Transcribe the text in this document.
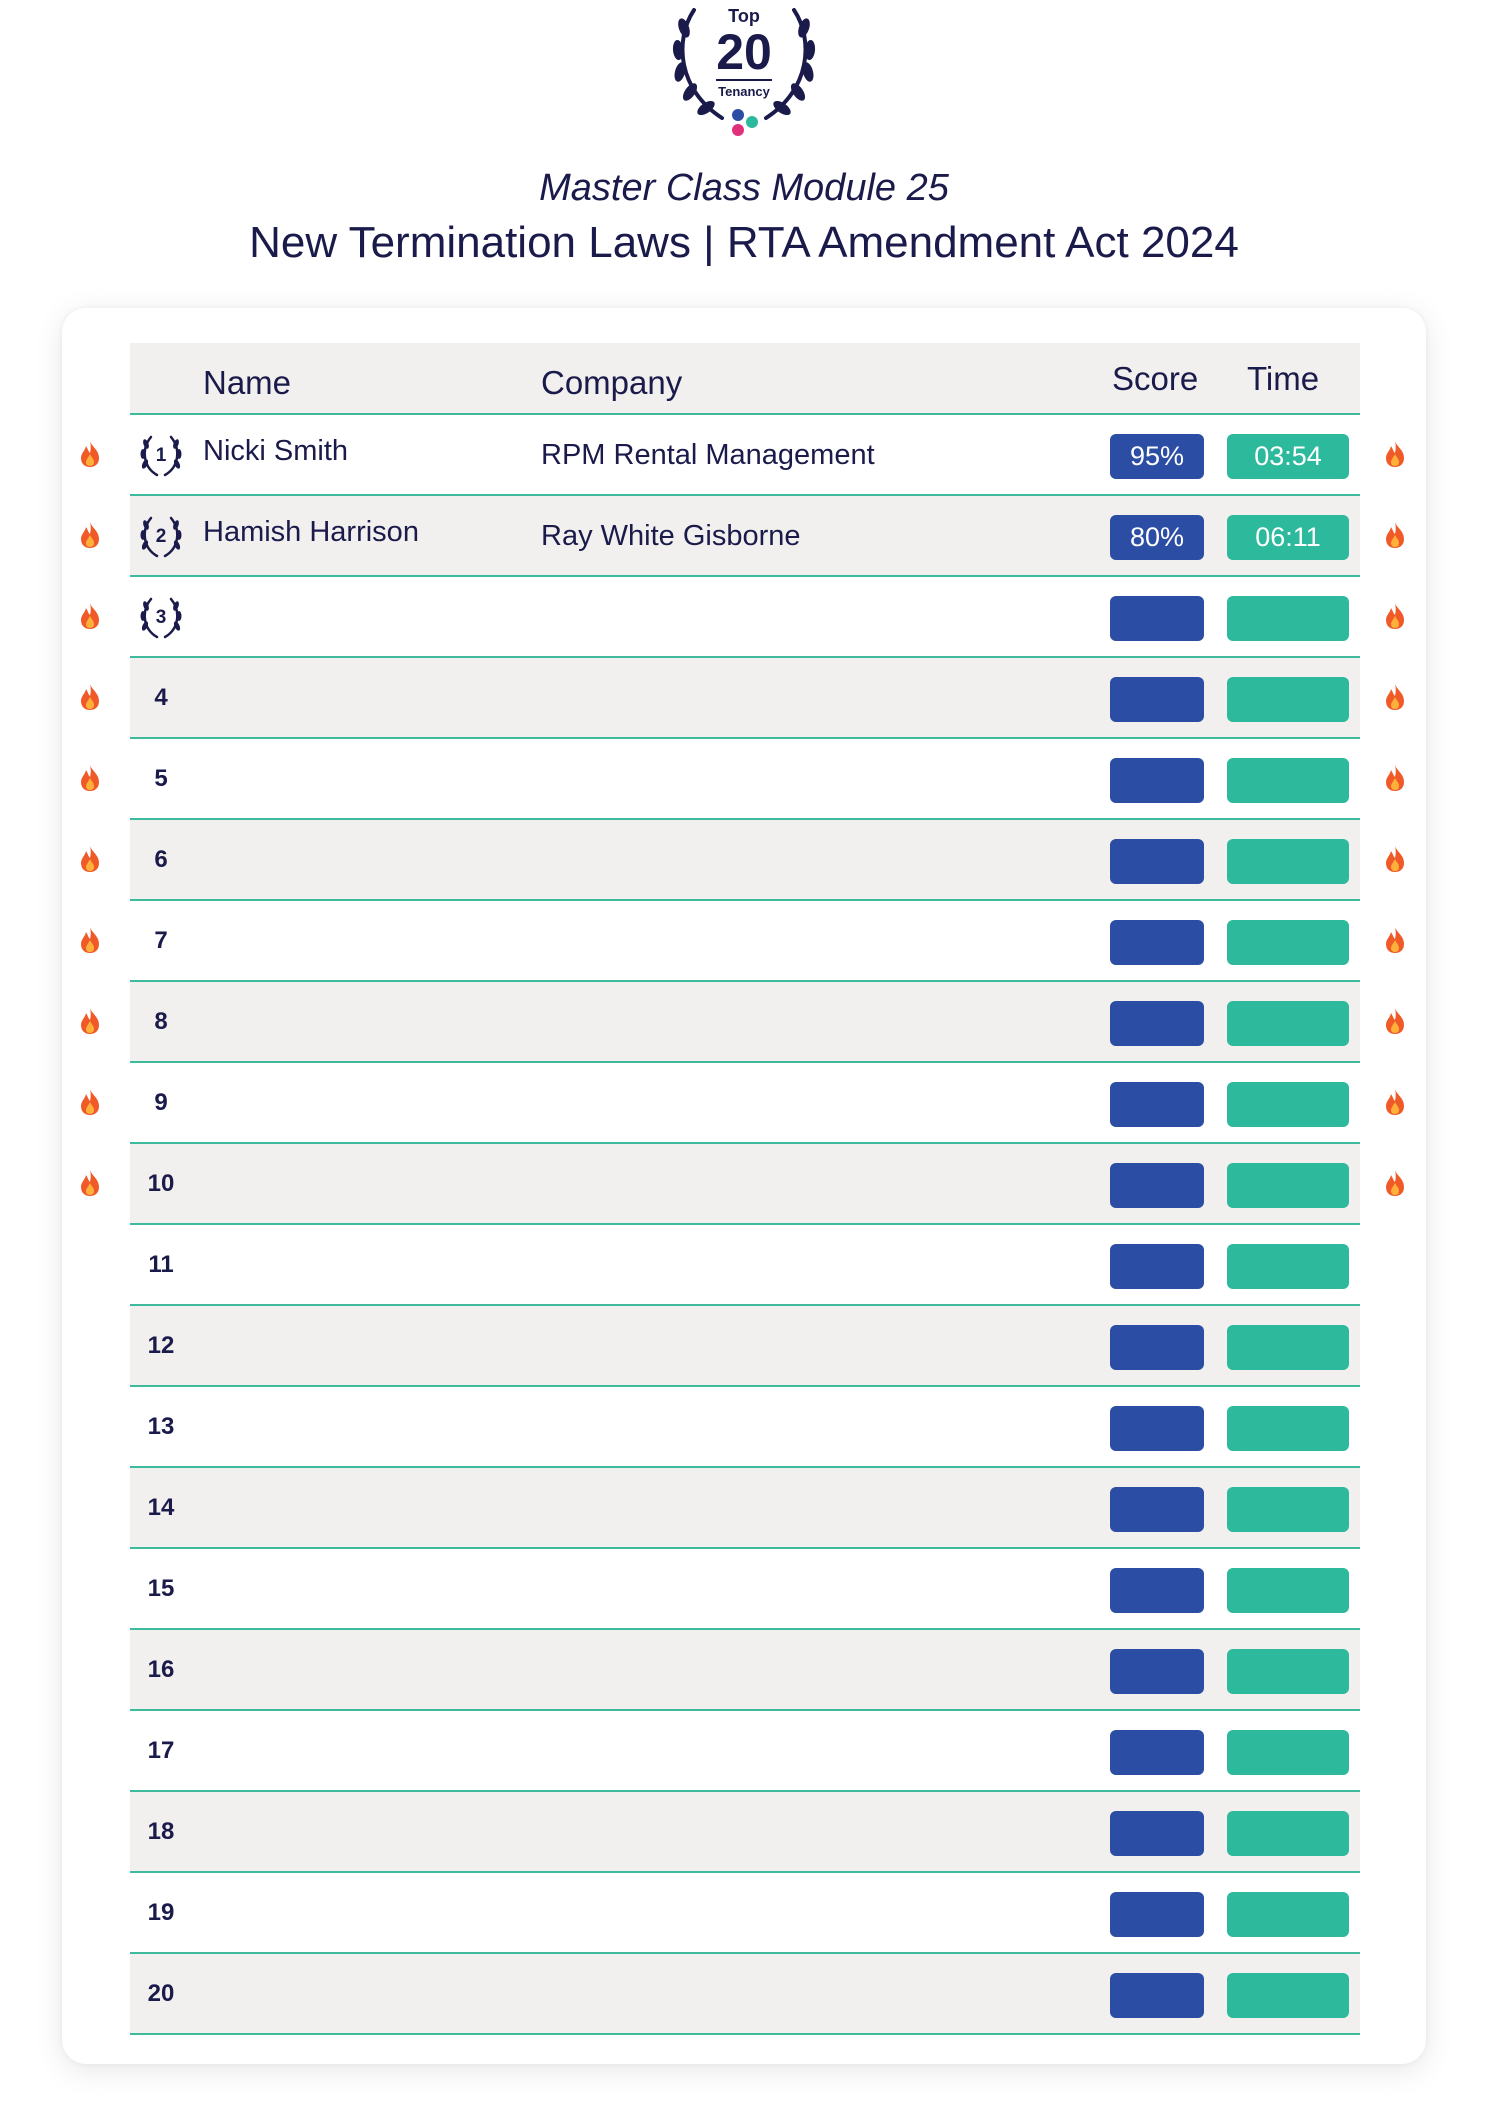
Top
20
Tenancy
Master Class Module 25
New Termination Laws | RTA Amendment Act 2024
Name	Company	Score Time
1 Nicki Smith	RPM Rental Management	95%	03:54
2 Hamish Harrison	Ray White Gisborne	80%	06:11
3
4
5
6
7
8
9
10
11
12
13
14
15
16
17
18
19
20
